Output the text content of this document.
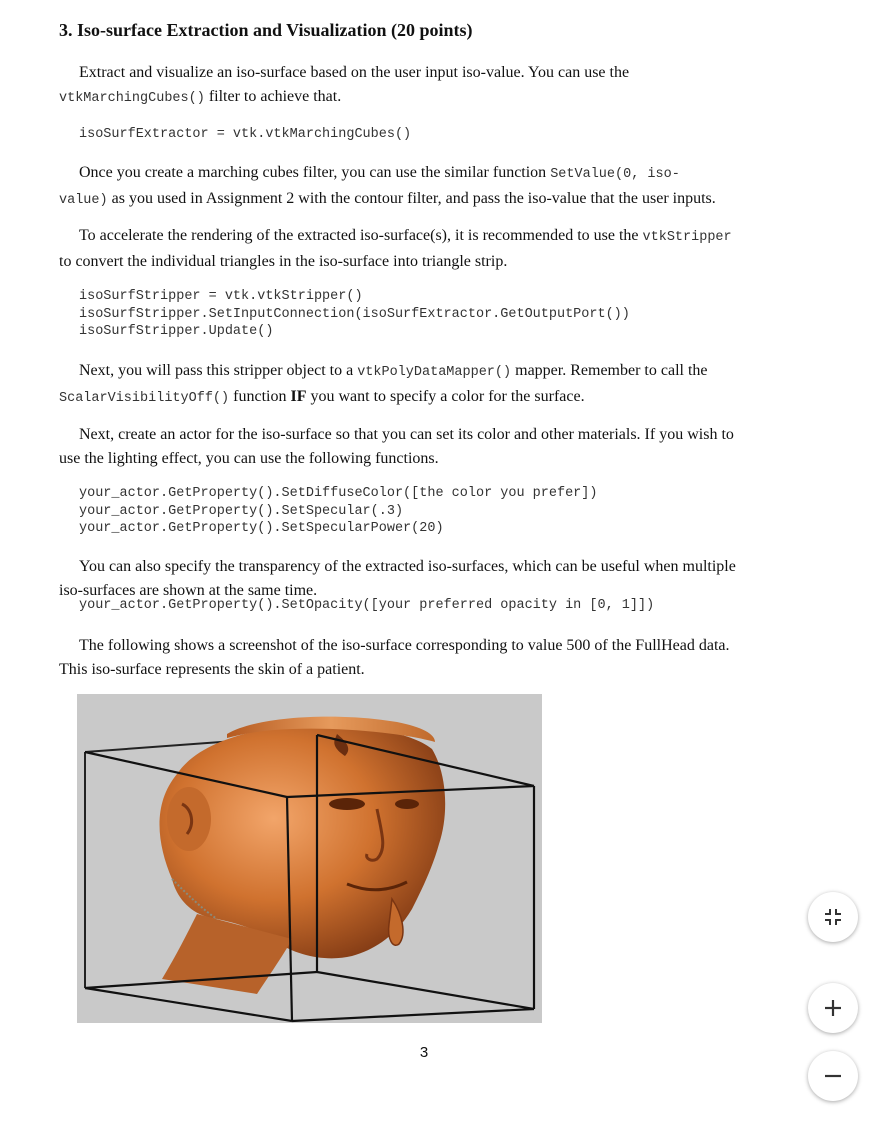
3. Iso-surface Extraction and Visualization (20 points)
Extract and visualize an iso-surface based on the user input iso-value. You can use the
vtkMarchingCubes() filter to achieve that.
isoSurfExtractor = vtk.vtkMarchingCubes()
Once you create a marching cubes filter, you can use the similar function SetValue(0, iso-
value) as you used in Assignment 2 with the contour filter, and pass the iso-value that the user inputs.
To accelerate the rendering of the extracted iso-surface(s), it is recommended to use the vtkStripper
to convert the individual triangles in the iso-surface into triangle strip.
isoSurfStripper = vtk.vtkStripper()
isoSurfStripper.SetInputConnection(isoSurfExtractor.GetOutputPort())
isoSurfStripper.Update()
Next, you will pass this stripper object to a vtkPolyDataMapper() mapper. Remember to call the
ScalarVisibilityOff() function IF you want to specify a color for the surface.
Next, create an actor for the iso-surface so that you can set its color and other materials. If you wish to
use the lighting effect, you can use the following functions.
your_actor.GetProperty().SetDiffuseColor([the color you prefer])
your_actor.GetProperty().SetSpecular(.3)
your_actor.GetProperty().SetSpecularPower(20)
You can also specify the transparency of the extracted iso-surfaces, which can be useful when multiple
iso-surfaces are shown at the same time.
your_actor.GetProperty().SetOpacity([your preferred opacity in [0, 1]])
The following shows a screenshot of the iso-surface corresponding to value 500 of the FullHead data.
This iso-surface represents the skin of a patient.
3
